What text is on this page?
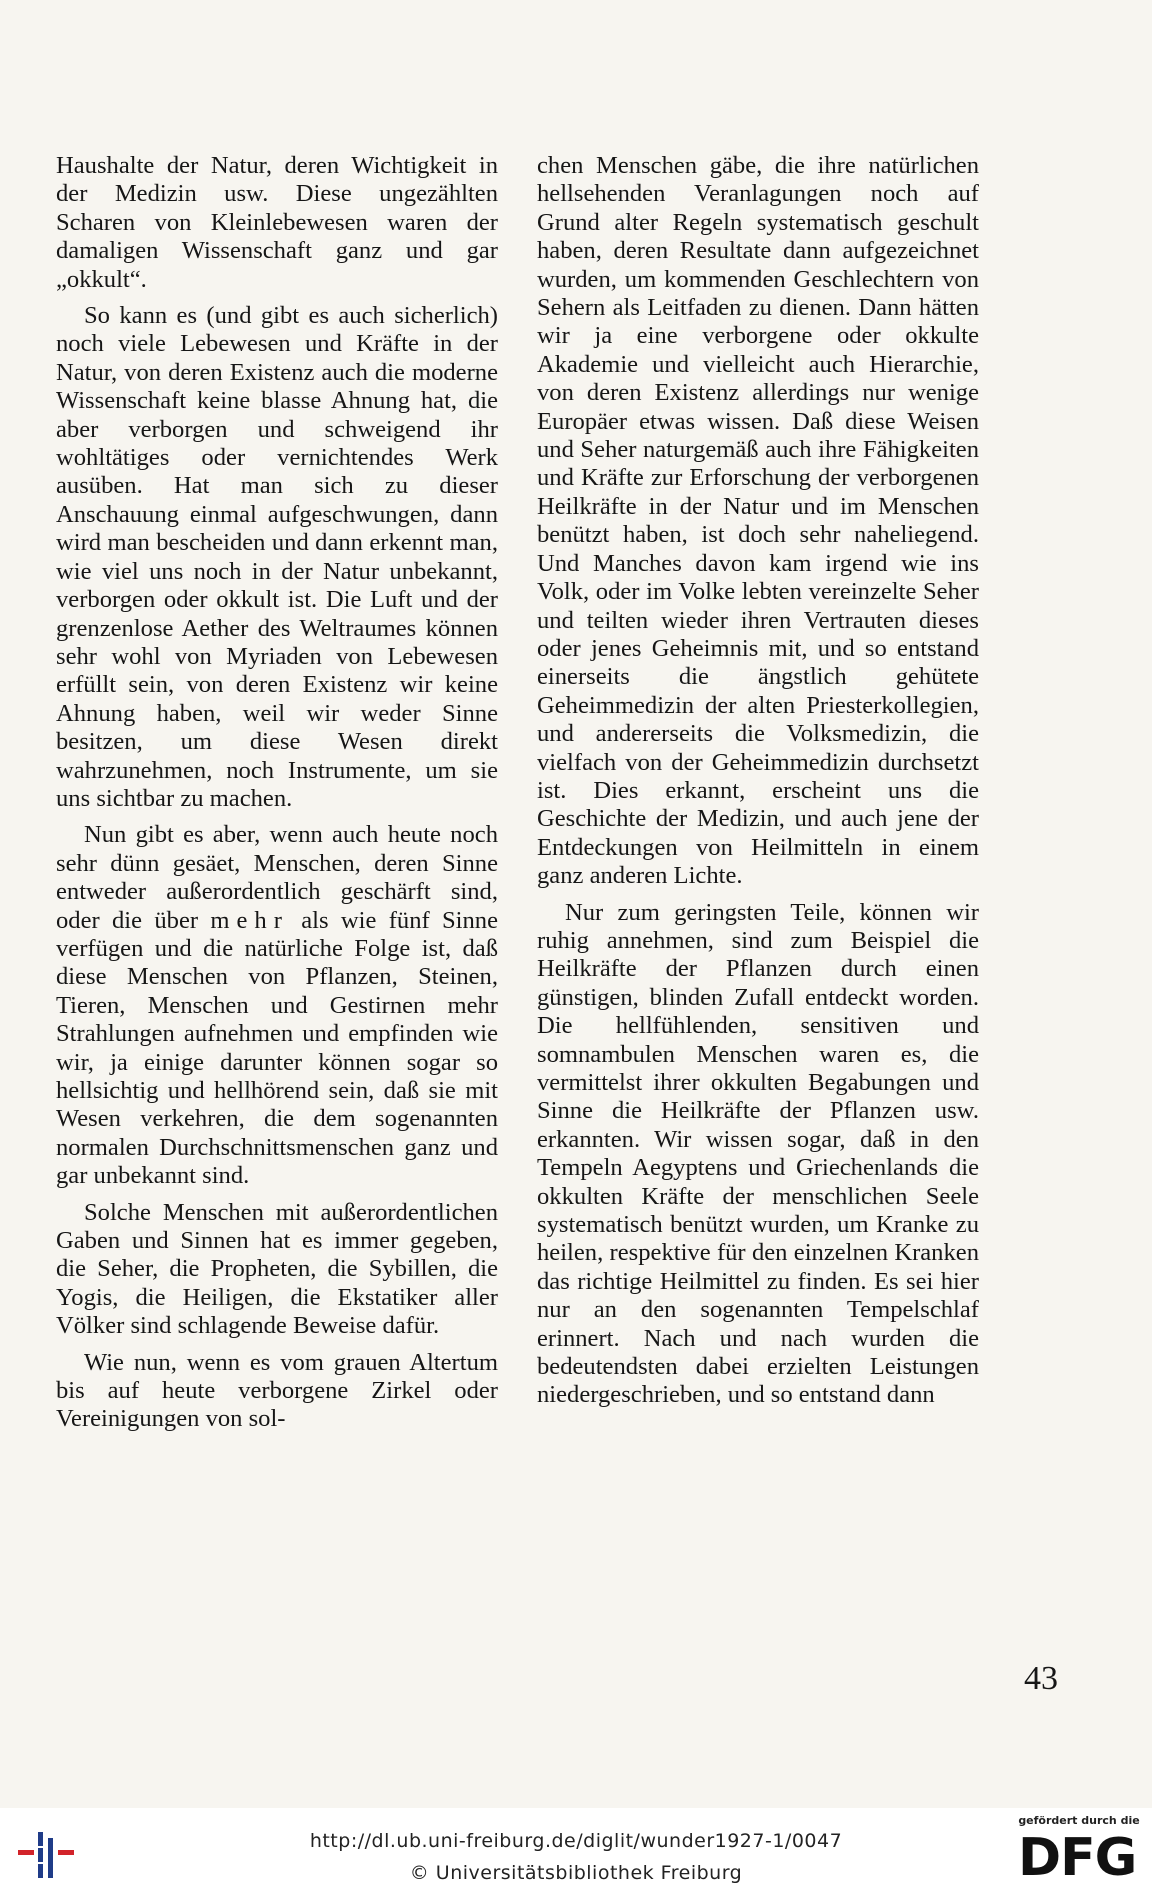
Haushalte der Natur, deren Wichtigkeit in der Medizin usw. Diese ungezählten Scharen von Kleinlebewesen waren der damaligen Wissenschaft ganz und gar „okkult“.

So kann es (und gibt es auch sicherlich) noch viele Lebewesen und Kräfte in der Natur, von deren Existenz auch die moderne Wissenschaft keine blasse Ahnung hat, die aber verborgen und schweigend ihr wohltätiges oder vernichtendes Werk ausüben. Hat man sich zu dieser Anschauung einmal aufgeschwungen, dann wird man bescheiden und dann erkennt man, wie viel uns noch in der Natur unbekannt, verborgen oder okkult ist. Die Luft und der grenzenlose Aether des Weltraumes können sehr wohl von Myriaden von Lebewesen erfüllt sein, von deren Existenz wir keine Ahnung haben, weil wir weder Sinne besitzen, um diese Wesen direkt wahrzunehmen, noch Instrumente, um sie uns sichtbar zu machen.

Nun gibt es aber, wenn auch heute noch sehr dünn gesäet, Menschen, deren Sinne entweder außerordentlich geschärft sind, oder die über mehr als wie fünf Sinne verfügen und die natürliche Folge ist, daß diese Menschen von Pflanzen, Steinen, Tieren, Menschen und Gestirnen mehr Strahlungen aufnehmen und empfinden wie wir, ja einige darunter können sogar so hellsichtig und hellhörend sein, daß sie mit Wesen verkehren, die dem sogenannten normalen Durchschnittsmenschen ganz und gar unbekannt sind.

Solche Menschen mit außerordentlichen Gaben und Sinnen hat es immer gegeben, die Seher, die Propheten, die Sybillen, die Yogis, die Heiligen, die Ekstatiker aller Völker sind schlagende Beweise dafür.

Wie nun, wenn es vom grauen Altertum bis auf heute verborgene Zirkel oder Vereinigungen von sol-

chen Menschen gäbe, die ihre natürlichen hellsehenden Veranlagungen noch auf Grund alter Regeln systematisch geschult haben, deren Resultate dann aufgezeichnet wurden, um kommenden Geschlechtern von Sehern als Leitfaden zu dienen. Dann hätten wir ja eine verborgene oder okkulte Akademie und vielleicht auch Hierarchie, von deren Existenz allerdings nur wenige Europäer etwas wissen. Daß diese Weisen und Seher naturgemäß auch ihre Fähigkeiten und Kräfte zur Erforschung der verborgenen Heilkräfte in der Natur und im Menschen benützt haben, ist doch sehr naheliegend. Und Manches davon kam irgend wie ins Volk, oder im Volke lebten vereinzelte Seher und teilten wieder ihren Vertrauten dieses oder jenes Geheimnis mit, und so entstand einerseits die ängstlich gehütete Geheimmedizin der alten Priesterkollegien, und andererseits die Volksmedizin, die vielfach von der Geheimmedizin durchsetzt ist. Dies erkannt, erscheint uns die Geschichte der Medizin, und auch jene der Entdeckungen von Heilmitteln in einem ganz anderen Lichte.

Nur zum geringsten Teile, können wir ruhig annehmen, sind zum Beispiel die Heilkräfte der Pflanzen durch einen günstigen, blinden Zufall entdeckt worden. Die hellfühlenden, sensitiven und somnambulen Menschen waren es, die vermittelst ihrer okkulten Begabungen und Sinne die Heilkräfte der Pflanzen usw. erkannten. Wir wissen sogar, daß in den Tempeln Aegyptens und Griechenlands die okkulten Kräfte der menschlichen Seele systematisch benützt wurden, um Kranke zu heilen, respektive für den einzelnen Kranken das richtige Heilmittel zu finden. Es sei hier nur an den sogenannten Tempelschlaf erinnert. Nach und nach wurden die bedeutendsten dabei erzielten Leistungen niedergeschrieben, und so entstand dann

43
http://dl.ub.uni-freiburg.de/diglit/wunder1927-1/0047
© Universitätsbibliothek Freiburg
gefördert durch die
DFG
